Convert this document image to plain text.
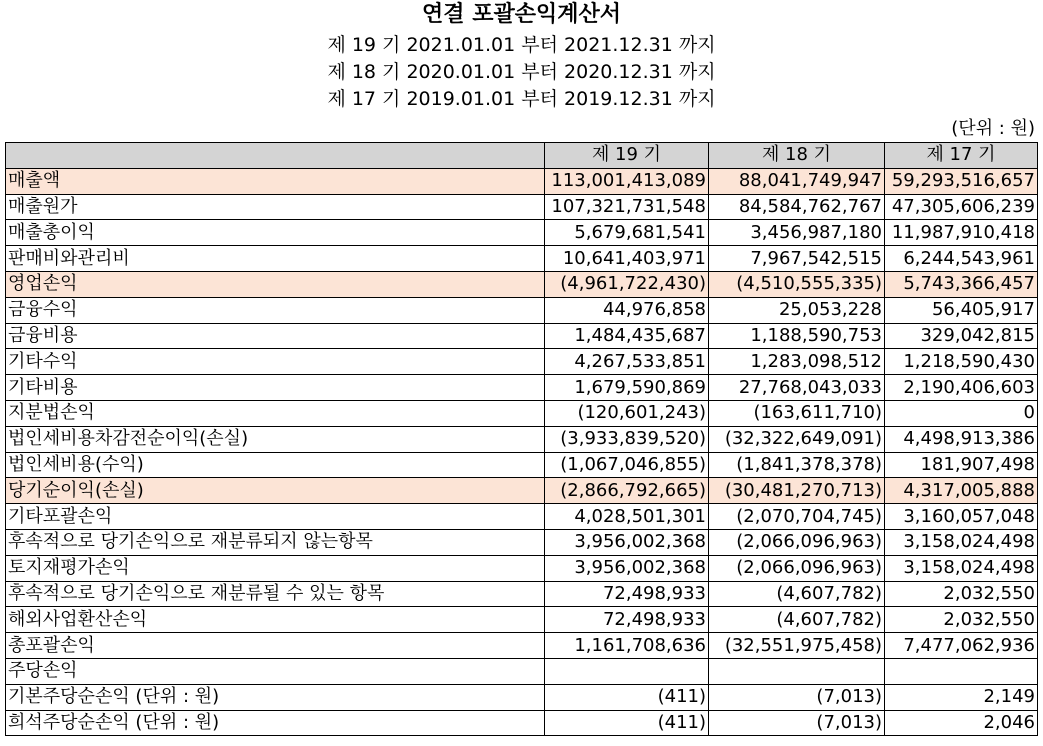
연결 포괄손익계산서
제 19 기 2021.01.01 부터 2021.12.31 까지
제 18 기 2020.01.01 부터 2020.12.31 까지
제 17 기 2019.01.01 부터 2019.12.31 까지
(단위 : 원)
	제 19 기	제 18 기	제 17 기
매출액	113,001,413,089	88,041,749,947	59,293,516,657
매출원가	107,321,731,548	84,584,762,767	47,305,606,239
매출총이익	5,679,681,541	3,456,987,180	11,987,910,418
판매비와관리비	10,641,403,971	7,967,542,515	6,244,543,961
영업손익	(4,961,722,430)	(4,510,555,335)	5,743,366,457
금융수익	44,976,858	25,053,228	56,405,917
금융비용	1,484,435,687	1,188,590,753	329,042,815
기타수익	4,267,533,851	1,283,098,512	1,218,590,430
기타비용	1,679,590,869	27,768,043,033	2,190,406,603
지분법손익	(120,601,243)	(163,611,710)	0
법인세비용차감전순이익(손실)	(3,933,839,520)	(32,322,649,091)	4,498,913,386
법인세비용(수익)	(1,067,046,855)	(1,841,378,378)	181,907,498
당기순이익(손실)	(2,866,792,665)	(30,481,270,713)	4,317,005,888
기타포괄손익	4,028,501,301	(2,070,704,745)	3,160,057,048
후속적으로 당기손익으로 재분류되지 않는항목	3,956,002,368	(2,066,096,963)	3,158,024,498
토지재평가손익	3,956,002,368	(2,066,096,963)	3,158,024,498
후속적으로 당기손익으로 재분류될 수 있는 항목	72,498,933	(4,607,782)	2,032,550
해외사업환산손익	72,498,933	(4,607,782)	2,032,550
총포괄손익	1,161,708,636	(32,551,975,458)	7,477,062,936
주당손익			
기본주당순손익 (단위 : 원)	(411)	(7,013)	2,149
희석주당순손익 (단위 : 원)	(411)	(7,013)	2,046
